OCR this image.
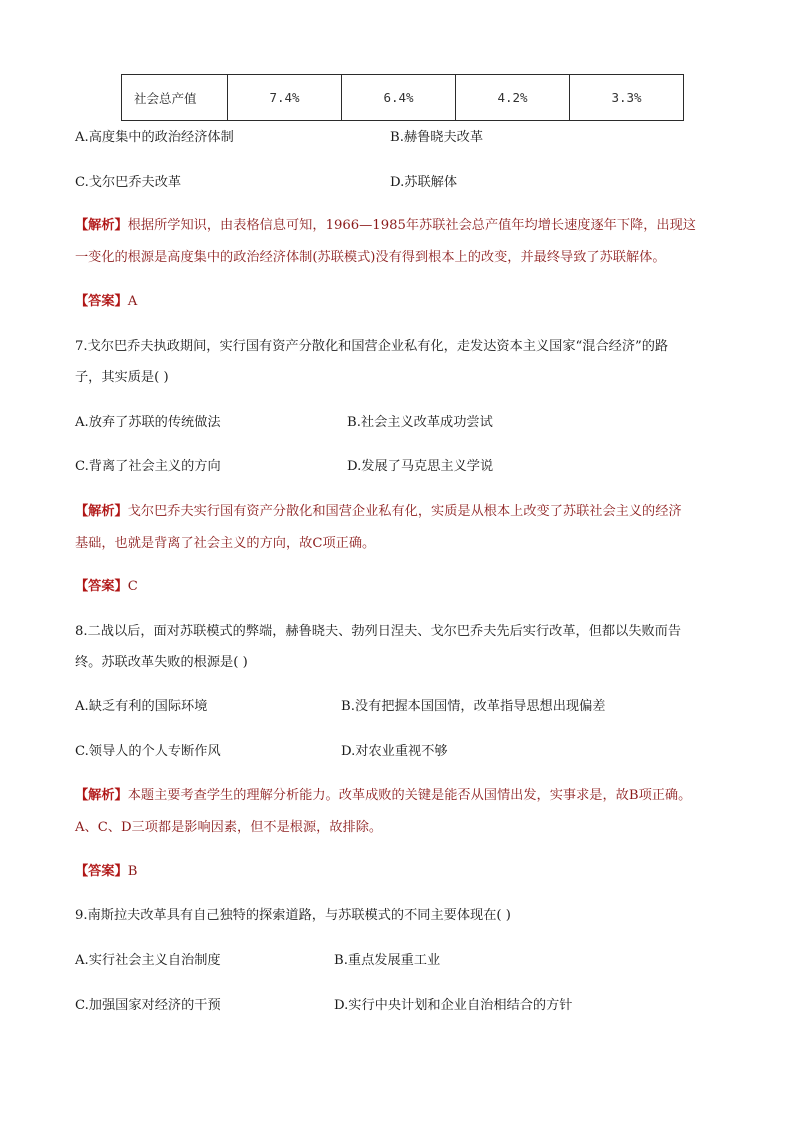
社会总产值	7.4%	6.4%	4.2%	3.3%
A.高度集中的政治经济体制	B.赫鲁晓夫改革
C.戈尔巴乔夫改革	D.苏联解体
【解析】根据所学知识，由表格信息可知，1966—1985年苏联社会总产值年均增长速度逐年下降，出现这
一变化的根源是高度集中的政治经济体制(苏联模式)没有得到根本上的改变，并最终导致了苏联解体。
【答案】A
7.戈尔巴乔夫执政期间，实行国有资产分散化和国营企业私有化，走发达资本主义国家“混合经济”的路
子，其实质是( )
A.放弃了苏联的传统做法	B.社会主义改革成功尝试
C.背离了社会主义的方向	D.发展了马克思主义学说
【解析】戈尔巴乔夫实行国有资产分散化和国营企业私有化，实质是从根本上改变了苏联社会主义的经济
基础，也就是背离了社会主义的方向，故C项正确。
【答案】C
8.二战以后，面对苏联模式的弊端，赫鲁晓夫、勃列日涅夫、戈尔巴乔夫先后实行改革，但都以失败而告
终。苏联改革失败的根源是( )
A.缺乏有利的国际环境	B.没有把握本国国情，改革指导思想出现偏差
C.领导人的个人专断作风	D.对农业重视不够
【解析】本题主要考查学生的理解分析能力。改革成败的关键是能否从国情出发，实事求是，故B项正确。
A、C、D三项都是影响因素，但不是根源，故排除。
【答案】B
9.南斯拉夫改革具有自己独特的探索道路，与苏联模式的不同主要体现在( )
A.实行社会主义自治制度	B.重点发展重工业
C.加强国家对经济的干预	D.实行中央计划和企业自治相结合的方针
